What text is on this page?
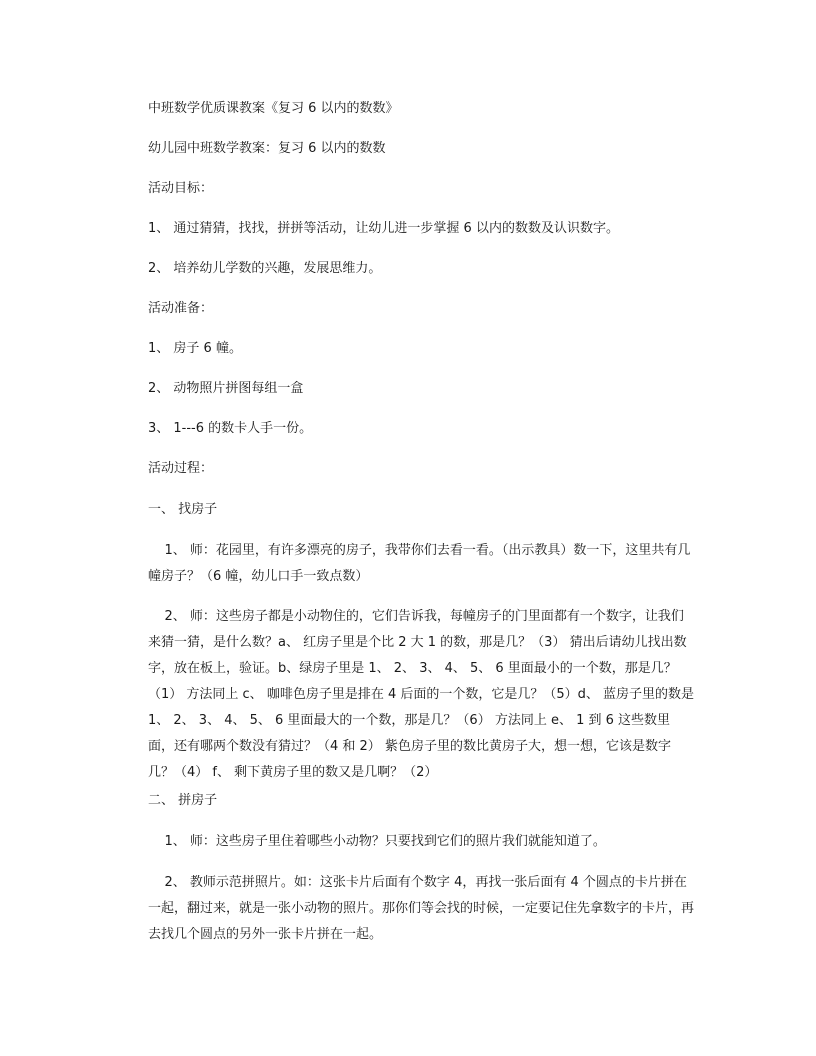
中班数学优质课教案《复习 6 以内的数数》
幼儿园中班数学教案：复习 6 以内的数数
活动目标：
1、 通过猜猜，找找，拼拼等活动，让幼儿进一步掌握 6 以内的数数及认识数字。
2、 培养幼儿学数的兴趣，发展思维力。
活动准备：
1、 房子 6 幢。
2、 动物照片拼图每组一盒
3、 1---6 的数卡人手一份。
活动过程：
一、 找房子
1、 师：花园里，有许多漂亮的房子，我带你们去看一看。（出示教具）数一下，这里共有几幢房子？（6 幢，幼儿口手一致点数）
2、 师：这些房子都是小动物住的，它们告诉我，每幢房子的门里面都有一个数字，让我们来猜一猜，是什么数？a、 红房子里是个比 2 大 1 的数，那是几？（3） 猜出后请幼儿找出数字，放在板上，验证。b、绿房子里是 1、 2、 3、 4、 5、 6 里面最小的一个数，那是几？（1） 方法同上 c、 咖啡色房子里是排在 4 后面的一个数，它是几？（5）d、 蓝房子里的数是 1、 2、 3、 4、 5、 6 里面最大的一个数，那是几？（6） 方法同上 e、 1 到 6 这些数里面，还有哪两个数没有猜过？（4 和 2） 紫色房子里的数比黄房子大，想一想，它该是数字几？（4） f、 剩下黄房子里的数又是几啊？（2）
二、 拼房子
1、 师：这些房子里住着哪些小动物？只要找到它们的照片我们就能知道了。
2、 教师示范拼照片。如：这张卡片后面有个数字 4，再找一张后面有 4 个圆点的卡片拼在一起，翻过来，就是一张小动物的照片。那你们等会找的时候，一定要记住先拿数字的卡片，再去找几个圆点的另外一张卡片拼在一起。
